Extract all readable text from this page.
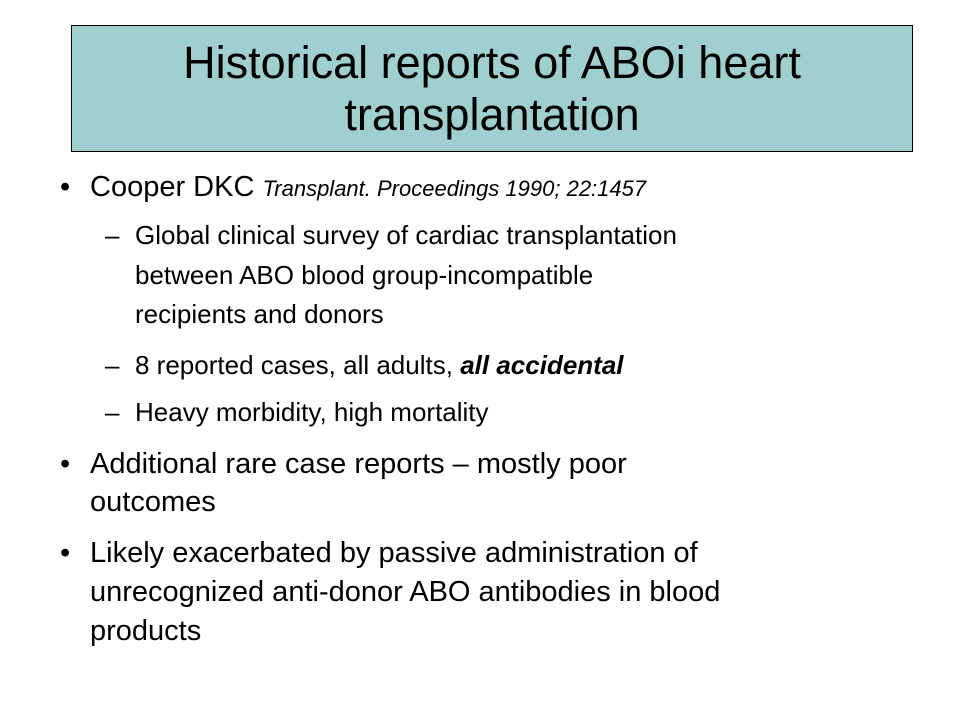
Historical reports of ABOi heart
transplantation
• Cooper DKC Transplant. Proceedings 1990; 22:1457
– Global clinical survey of cardiac transplantation
between ABO blood group-incompatible
recipients and donors
– 8 reported cases, all adults, all accidental
– Heavy morbidity, high mortality
• Additional rare case reports – mostly poor
outcomes
• Likely exacerbated by passive administration of
unrecognized anti-donor ABO antibodies in blood
products
